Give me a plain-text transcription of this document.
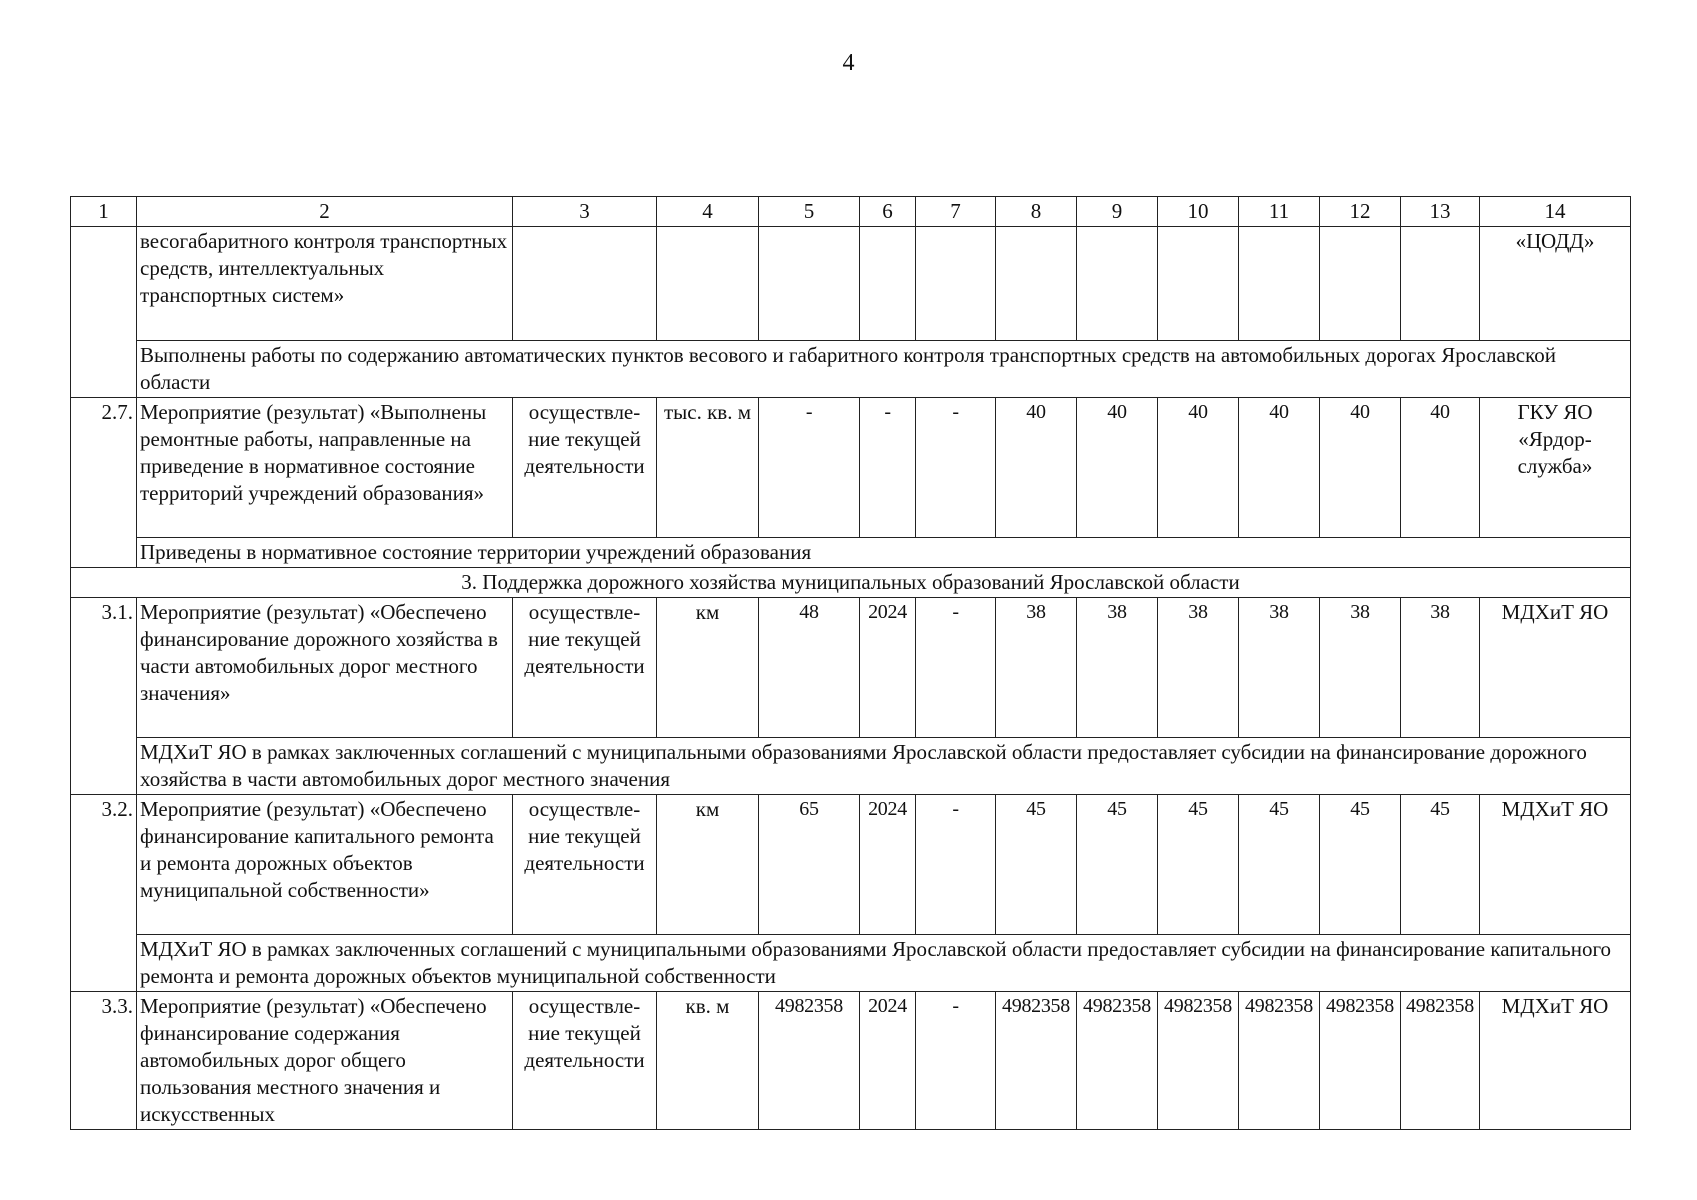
4
1	2	3	4	5	6	7	8	9	10	11	12	13	14
	весогабаритного контроля транспортных средств, интеллектуальных транспортных систем»												«ЦОДД»
	Выполнены работы по содержанию автоматических пунктов весового и габаритного контроля транспортных средств на автомобильных дорогах Ярославской области												
2.7.	Мероприятие (результат) «Выполнены ремонтные работы, направленные на приведение в нормативное состояние территорий учреждений образования»	осуществле-ние текущей деятельности	тыс. кв. м	-	-	-	40	40	40	40	40	40	ГКУ ЯО «Ярдор-служба»
	Приведены в нормативное состояние территории учреждений образования												
3. Поддержка дорожного хозяйства муниципальных образований Ярославской области													
3.1.	Мероприятие (результат) «Обеспечено финансирование дорожного хозяйства в части автомобильных дорог местного значения»	осуществле-ние текущей деятельности	км	48	2024	-	38	38	38	38	38	38	МДХиТ ЯО
	МДХиТ ЯО в рамках заключенных соглашений с муниципальными образованиями Ярославской области предоставляет субсидии на финансирование дорожного хозяйства в части автомобильных дорог местного значения												
3.2.	Мероприятие (результат) «Обеспечено финансирование капитального ремонта и ремонта дорожных объектов муниципальной собственности»	осуществле-ние текущей деятельности	км	65	2024	-	45	45	45	45	45	45	МДХиТ ЯО
	МДХиТ ЯО в рамках заключенных соглашений с муниципальными образованиями Ярославской области предоставляет субсидии на финансирование капитального ремонта и ремонта дорожных объектов муниципальной собственности												
3.3.	Мероприятие (результат) «Обеспечено финансирование содержания автомобильных дорог общего пользования местного значения и искусственных	осуществле-ние текущей деятельности	кв. м	4982358	2024	-	4982358	4982358	4982358	4982358	4982358	4982358	МДХиТ ЯО
